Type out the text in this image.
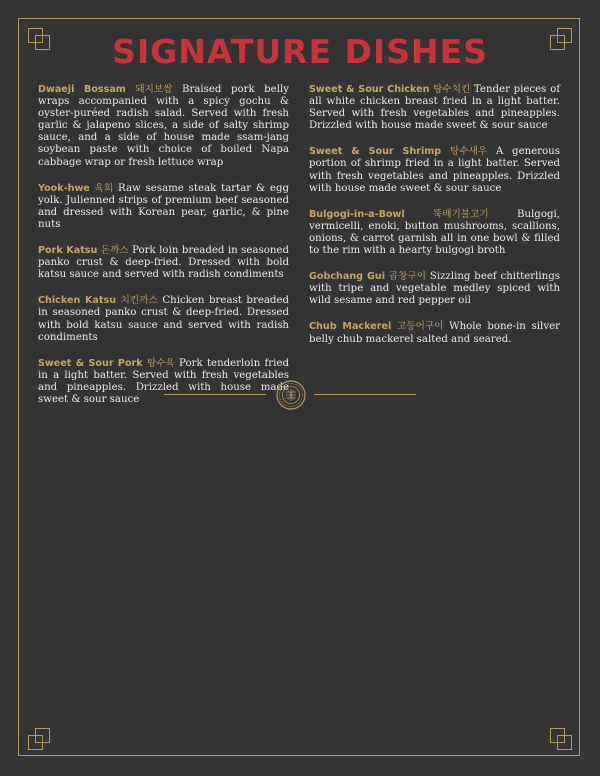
SIGNATURE DISHES

Dwaeji Bossam 돼지보쌈 Braised pork belly wraps accompanied with a spicy gochu & oyster-puréed radish salad. Served with fresh garlic & jalapeno slices, a side of salty shrimp sauce, and a side of house made ssam-jang soybean paste with choice of boiled Napa cabbage wrap or fresh lettuce wrap

Yook-hwe 육회 Raw sesame steak tartar & egg yolk. Julienned strips of premium beef seasoned and dressed with Korean pear, garlic, & pine nuts

Pork Katsu 돈까스 Pork loin breaded in seasoned panko crust & deep-fried. Dressed with bold katsu sauce and served with radish condiments

Chicken Katsu 치킨까스 Chicken breast breaded in seasoned panko crust & deep-fried. Dressed with bold katsu sauce and served with radish condiments

Sweet & Sour Pork 탕수육 Pork tenderloin fried in a light batter. Served with fresh vegetables and pineapples. Drizzled with house made sweet & sour sauce

Sweet & Sour Chicken 탕수치킨 Tender pieces of all white chicken breast fried in a light batter. Served with fresh vegetables and pineapples. Drizzled with house made sweet & sour sauce

Sweet & Sour Shrimp 탕수새우 A generous portion of shrimp fried in a light batter. Served with fresh vegetables and pineapples. Drizzled with house made sweet & sour sauce

Bulgogi-in-a-Bowl	뚝배기불고기	Bulgogi, vermicelli, enoki, button mushrooms, scallions, onions, & carrot garnish all in one bowl & filled to the rim with a hearty bulgogi broth

Gobchang Gui 곱창구이 Sizzling beef chitterlings with tripe and vegetable medley spiced with wild sesame and red pepper oil

Chub Mackerel 고등어구이 Whole bone-in silver belly chub mackerel salted and seared.
